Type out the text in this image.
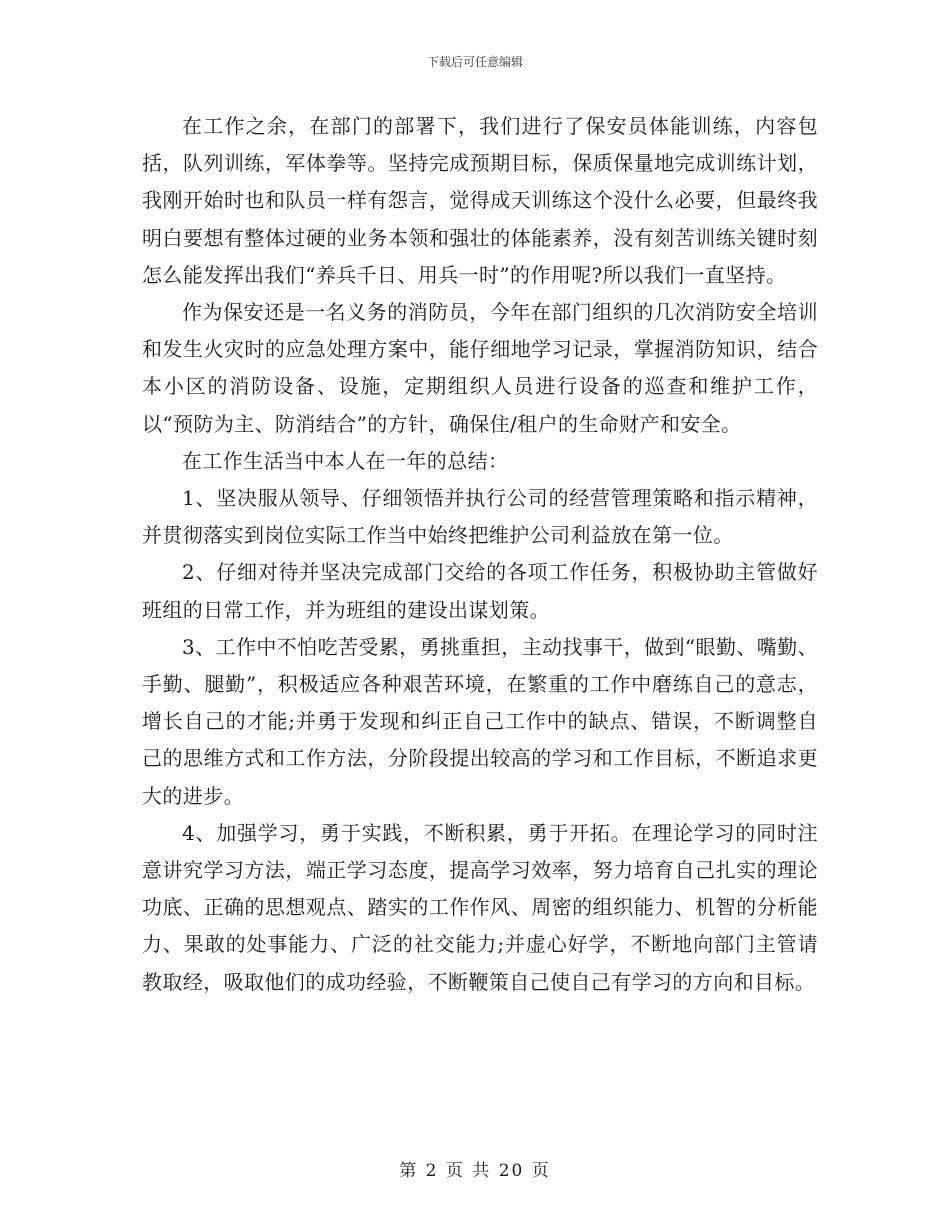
下载后可任意编辑

在工作之余，在部门的部署下，我们进行了保安员体能训练，内容包括，队列训练，军体拳等。坚持完成预期目标，保质保量地完成训练计划，我刚开始时也和队员一样有怨言，觉得成天训练这个没什么必要，但最终我明白要想有整体过硬的业务本领和强壮的体能素养，没有刻苦训练关键时刻怎么能发挥出我们“养兵千日、用兵一时”的作用呢?所以我们一直坚持。

作为保安还是一名义务的消防员，今年在部门组织的几次消防安全培训和发生火灾时的应急处理方案中，能仔细地学习记录，掌握消防知识，结合本小区的消防设备、设施，定期组织人员进行设备的巡查和维护工作，以“预防为主、防消结合”的方针，确保住/租户的生命财产和安全。

在工作生活当中本人在一年的总结：

1、坚决服从领导、仔细领悟并执行公司的经营管理策略和指示精神，并贯彻落实到岗位实际工作当中始终把维护公司利益放在第一位。

2、仔细对待并坚决完成部门交给的各项工作任务，积极协助主管做好班组的日常工作，并为班组的建设出谋划策。

3、工作中不怕吃苦受累，勇挑重担，主动找事干，做到“眼勤、嘴勤、手勤、腿勤”，积极适应各种艰苦环境，在繁重的工作中磨练自己的意志，增长自己的才能;并勇于发现和纠正自己工作中的缺点、错误，不断调整自己的思维方式和工作方法，分阶段提出较高的学习和工作目标，不断追求更大的进步。

4、加强学习，勇于实践，不断积累，勇于开拓。在理论学习的同时注意讲究学习方法，端正学习态度，提高学习效率，努力培育自己扎实的理论功底、正确的思想观点、踏实的工作作风、周密的组织能力、机智的分析能力、果敢的处事能力、广泛的社交能力;并虚心好学，不断地向部门主管请教取经，吸取他们的成功经验，不断鞭策自己使自己有学习的方向和目标。

第 2 页 共 20 页
